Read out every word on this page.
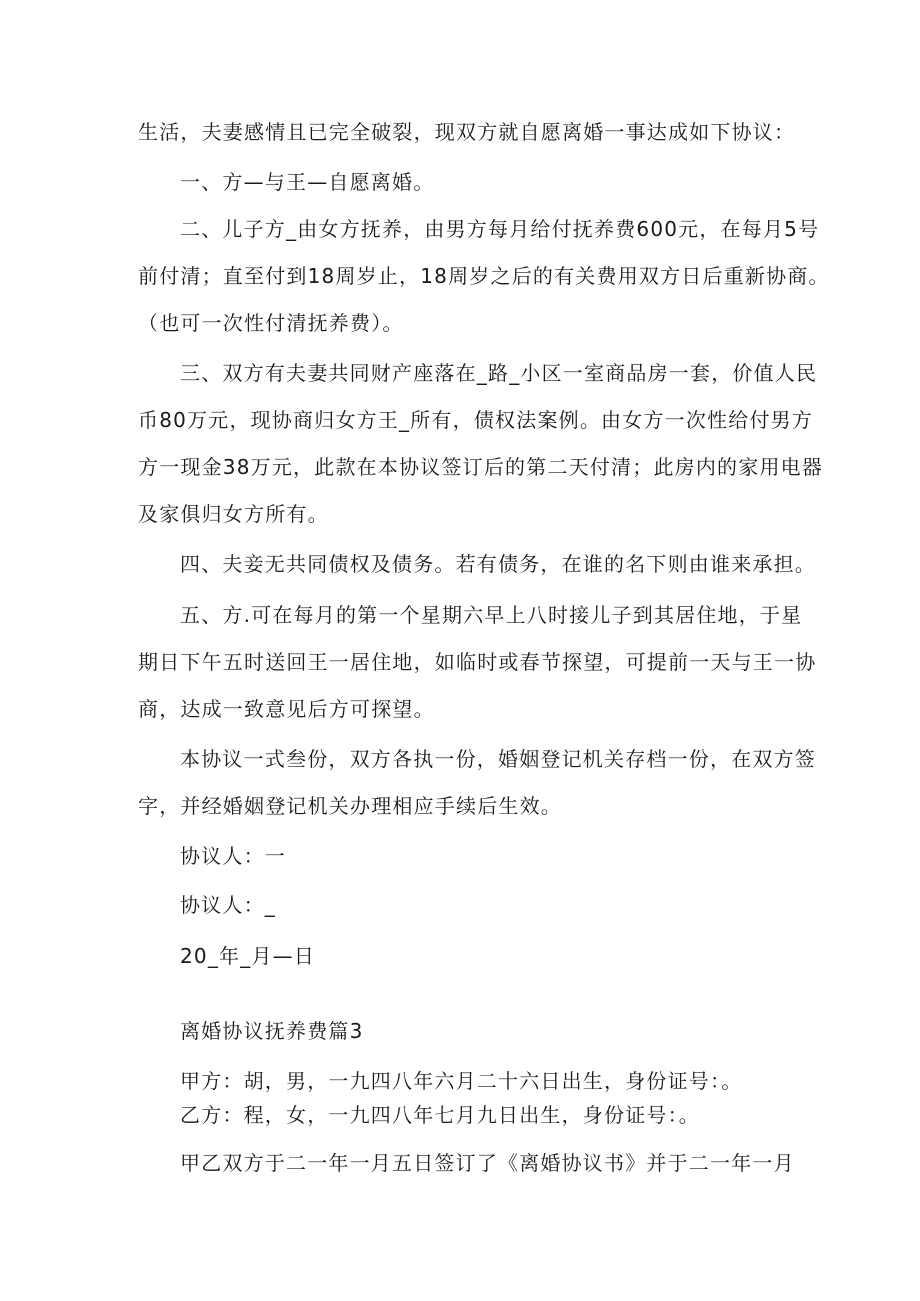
生活，夫妻感情且已完全破裂，现双方就自愿离婚一事达成如下协议：
一、方—与王—自愿离婚。
二、儿子方_由女方抚养，由男方每月给付抚养费600元，在每月5号
前付清；直至付到18周岁止，18周岁之后的有关费用双方日后重新协商。
（也可一次性付清抚养费）。
三、双方有夫妻共同财产座落在_路_小区一室商品房一套，价值人民
币80万元，现协商归女方王_所有，债权法案例。由女方一次性给付男方
方一现金38万元，此款在本协议签订后的第二天付清；此房内的家用电器
及家俱归女方所有。
四、夫妾无共同债权及债务。若有债务，在谁的名下则由谁来承担。
五、方.可在每月的第一个星期六早上八时接儿子到其居住地，于星
期日下午五时送回王一居住地，如临时或春节探望，可提前一天与王一协
商，达成一致意见后方可探望。
本协议一式叁份，双方各执一份，婚姻登记机关存档一份，在双方签
字，并经婚姻登记机关办理相应手续后生效。
协议人：一
协议人：_
20_年_月—日
离婚协议抚养费篇3
甲方：胡，男，一九四八年六月二十六日出生，身份证号：。
乙方：程，女，一九四八年七月九日出生，身份证号：。
甲乙双方于二一年一月五日签订了《离婚协议书》并于二一年一月
